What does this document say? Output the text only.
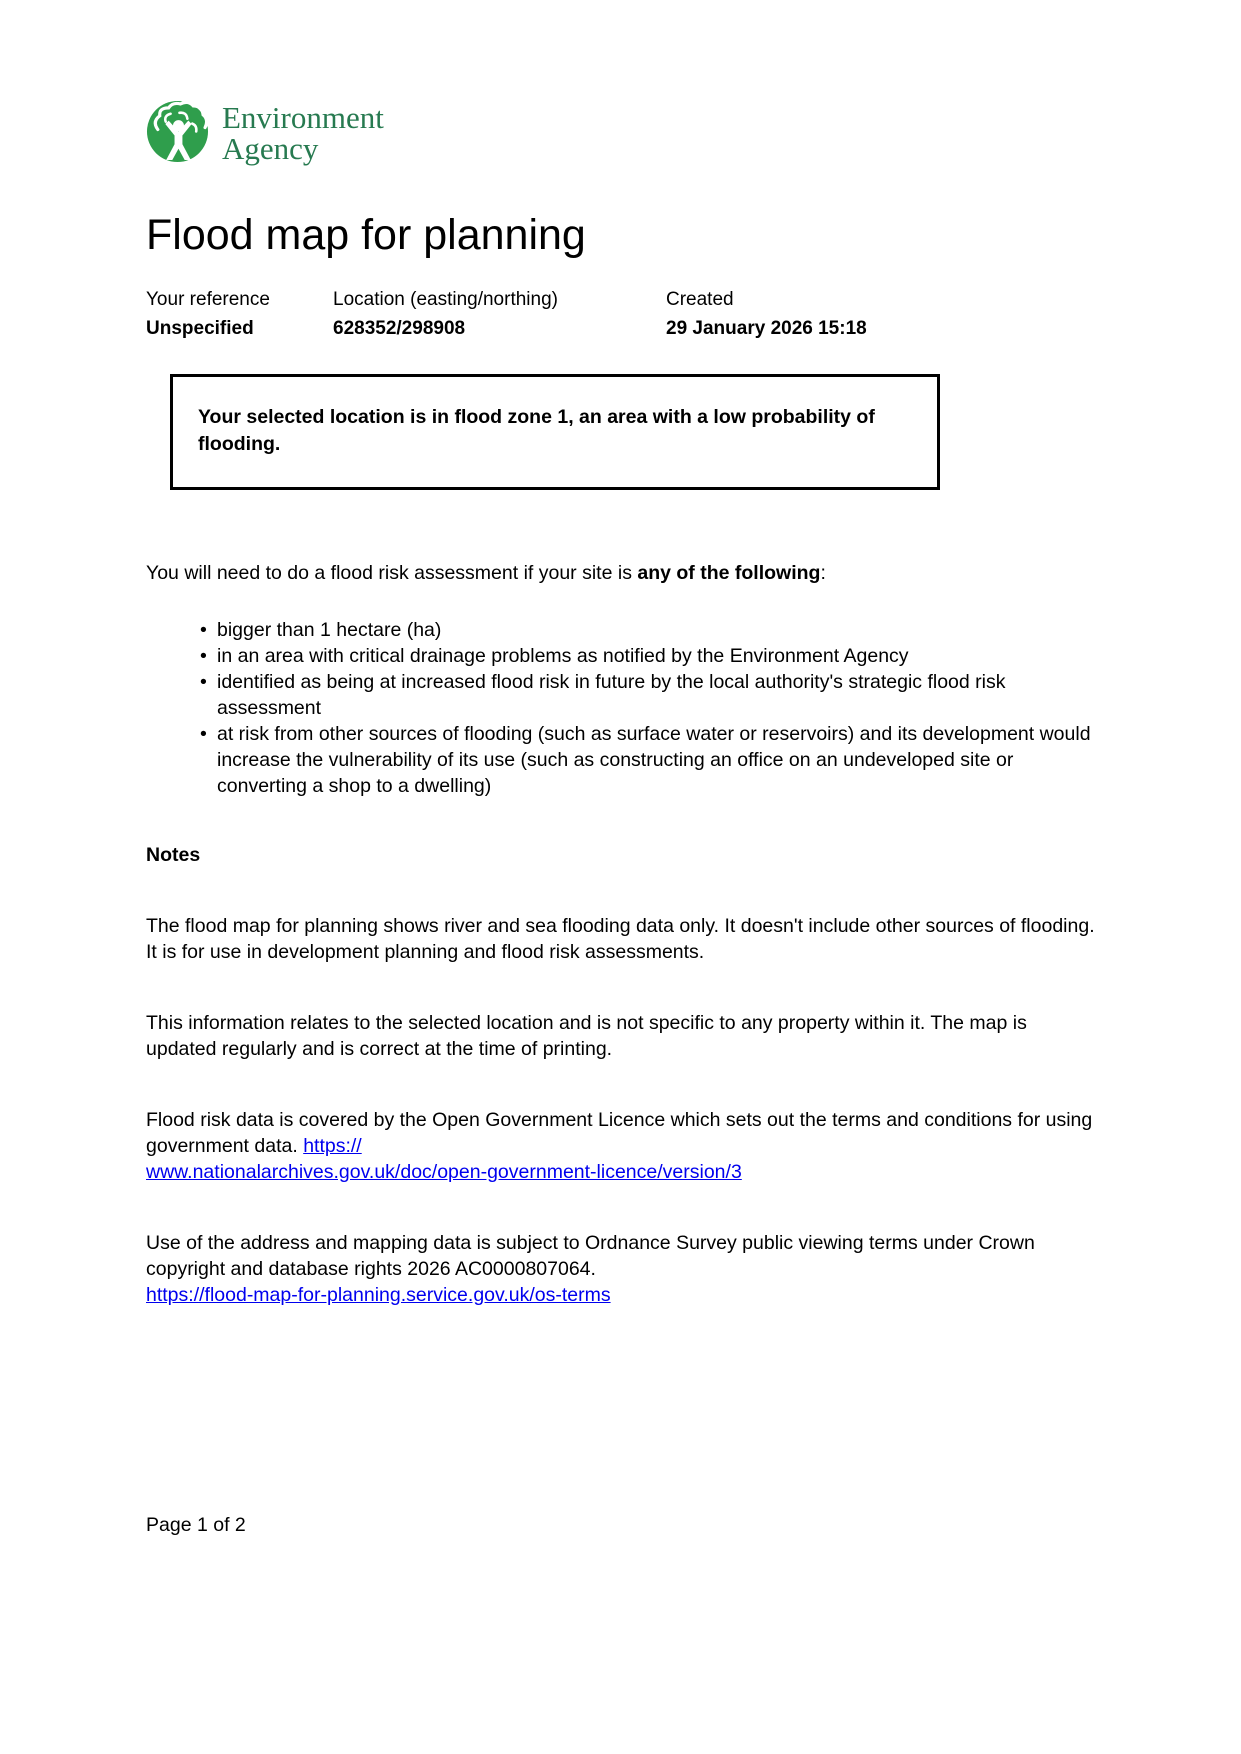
Environment
Agency
Flood map for planning
Your reference
Unspecified
Location (easting/northing)
628352/298908
Created
29 January 2026 15:18
Your selected location is in flood zone 1, an area with a low probability of flooding.

You will need to do a flood risk assessment if your site is any of the following:

• bigger than 1 hectare (ha)
• in an area with critical drainage problems as notified by the Environment Agency
• identified as being at increased flood risk in future by the local authority's strategic flood risk assessment
• at risk from other sources of flooding (such as surface water or reservoirs) and its development would increase the vulnerability of its use (such as constructing an office on an undeveloped site or converting a shop to a dwelling)
Notes

The flood map for planning shows river and sea flooding data only. It doesn't include other sources of flooding. It is for use in development planning and flood risk assessments.

This information relates to the selected location and is not specific to any property within it. The map is updated regularly and is correct at the time of printing.

Flood risk data is covered by the Open Government Licence which sets out the terms and conditions for using government data. https://
www.nationalarchives.gov.uk/doc/open-government-licence/version/3

Use of the address and mapping data is subject to Ordnance Survey public viewing terms under Crown copyright and database rights 2026 AC0000807064.
https://flood-map-for-planning.service.gov.uk/os-terms

Page 1 of 2
